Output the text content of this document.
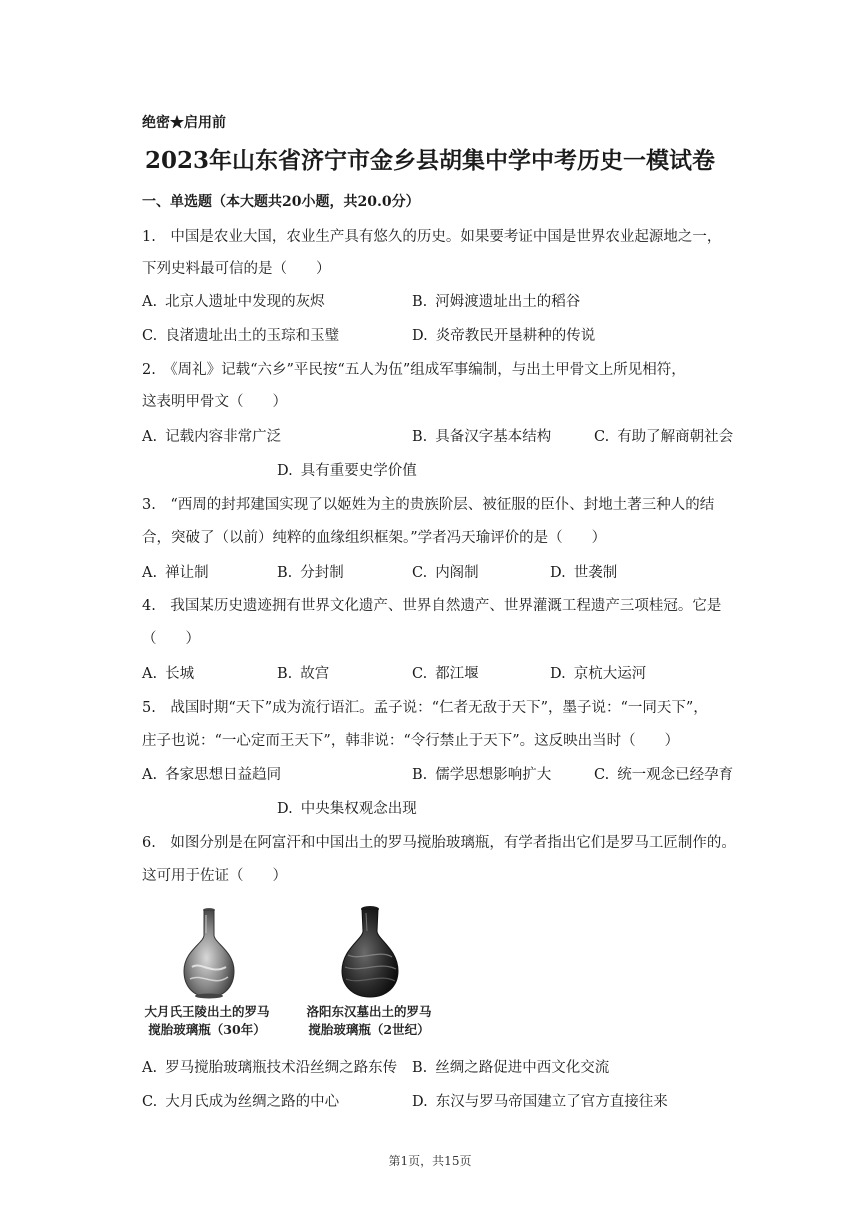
绝密★启用前
2023年山东省济宁市金乡县胡集中学中考历史一模试卷
一、单选题（本大题共20小题，共20.0分）
1.　中国是农业大国，农业生产具有悠久的历史。如果要考证中国是世界农业起源地之一，
下列史料最可信的是（　　）
A. 北京人遗址中发现的灰烬	B. 河姆渡遗址出土的稻谷
C. 良渚遗址出土的玉琮和玉璧	D. 炎帝教民开垦耕种的传说
2.　《周礼》记载“六乡”平民按“五人为伍”组成军事编制，与出土甲骨文上所见相符，
这表明甲骨文（　　）
A. 记载内容非常广泛	B. 具备汉字基本结构	C. 有助了解商朝社会
D. 具有重要史学价值
3.　“西周的封邦建国实现了以姬姓为主的贵族阶层、被征服的臣仆、封地土著三种人的结
合，突破了（以前）纯粹的血缘组织框架。”学者冯天瑜评价的是（　　）
A. 禅让制	B. 分封制	C. 内阁制	D. 世袭制
4.　我国某历史遗迹拥有世界文化遗产、世界自然遗产、世界灌溉工程遗产三项桂冠。它是
（　　）
A. 长城	B. 故宫	C. 都江堰	D. 京杭大运河
5.　战国时期“天下”成为流行语汇。孟子说：“仁者无敌于天下”，墨子说：“一同天下”，
庄子也说：“一心定而王天下”，韩非说：“令行禁止于天下”。这反映出当时（　　）
A. 各家思想日益趋同	B. 儒学思想影响扩大	C. 统一观念已经孕育
D. 中央集权观念出现
6.　如图分别是在阿富汗和中国出土的罗马搅胎玻璃瓶，有学者指出它们是罗马工匠制作的。
这可用于佐证（　　）
大月氏王陵出土的罗马
搅胎玻璃瓶（30年）
洛阳东汉墓出土的罗马
搅胎玻璃瓶（2世纪）
A. 罗马搅胎玻璃瓶技术沿丝绸之路东传 B. 丝绸之路促进中西文化交流
C. 大月氏成为丝绸之路的中心	D. 东汉与罗马帝国建立了官方直接往来
第1页，共15页
